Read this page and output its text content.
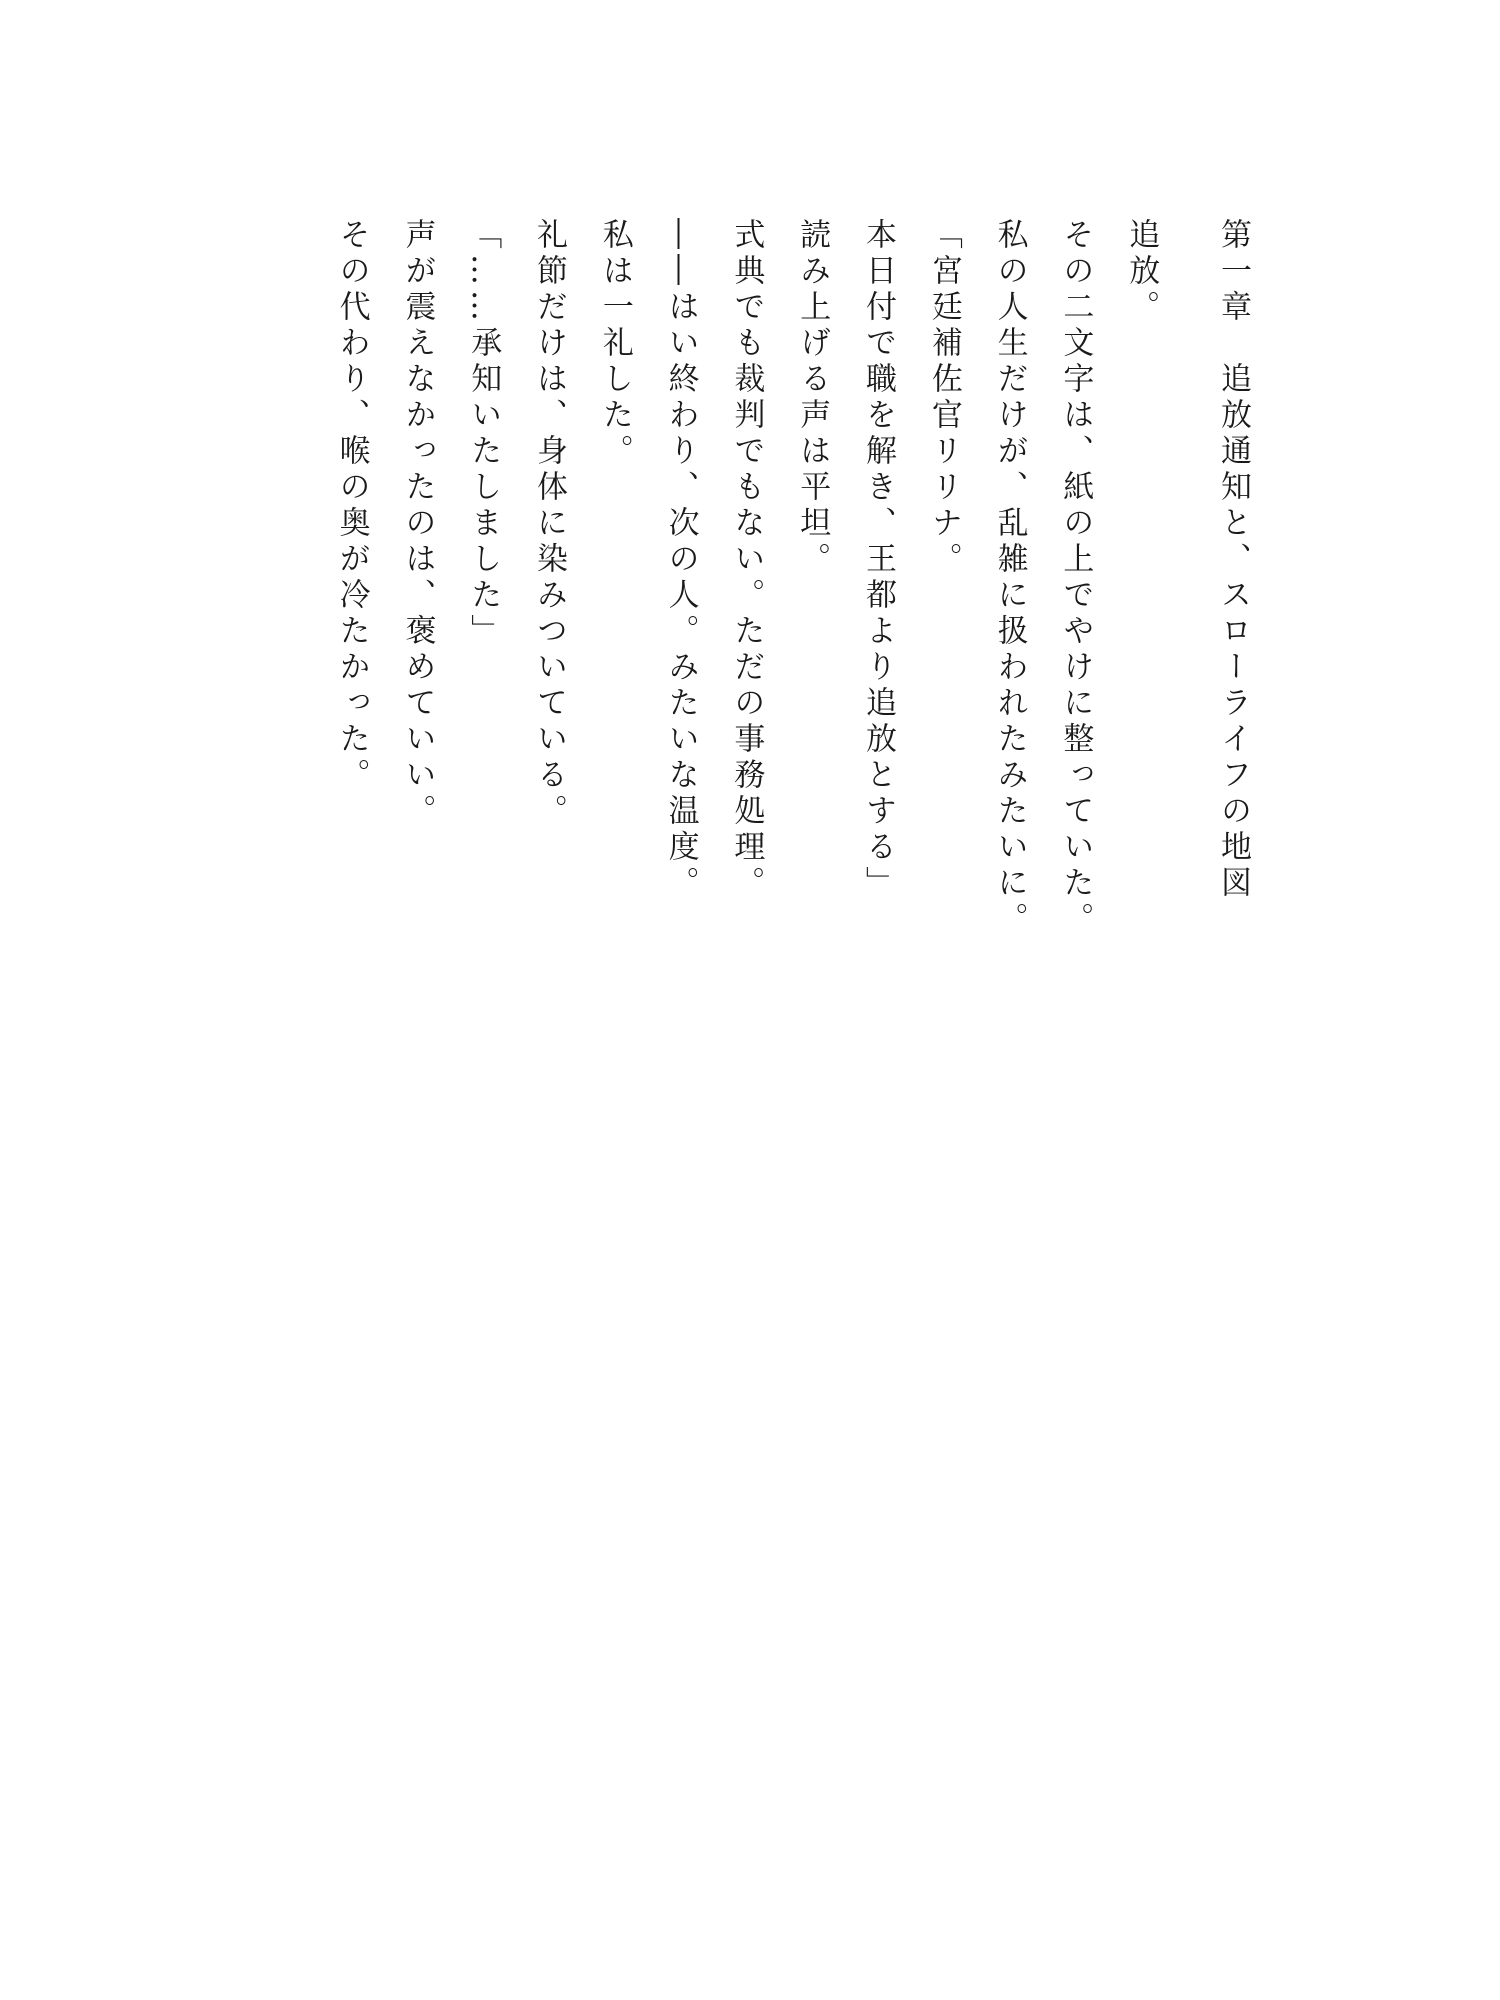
第一章　追放通知と、スローライフの地図
追放。
その二文字は、紙の上でやけに整っていた。
私の人生だけが、乱雑に扱われたみたいに。
「宮廷補佐官リリナ。
本日付で職を解き、王都より追放とする」
読み上げる声は平坦。
式典でも裁判でもない。ただの事務処理。
――はい終わり、次の人。みたいな温度。
私は一礼した。
礼節だけは、身体に染みついている。
「……承知いたしました」
声が震えなかったのは、褒めていい。
その代わり、喉の奥が冷たかった。
